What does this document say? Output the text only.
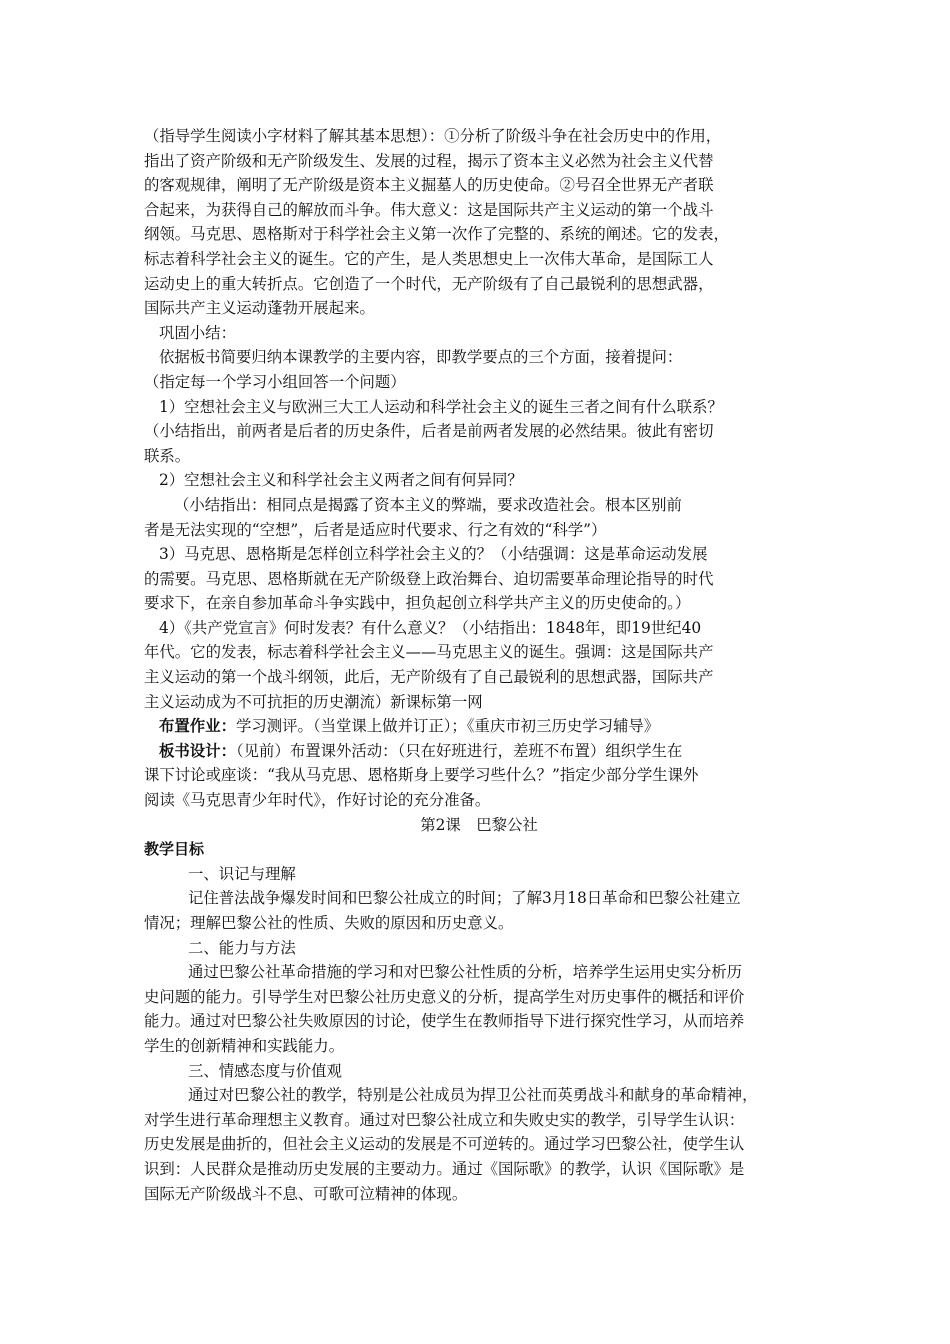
（指导学生阅读小字材料了解其基本思想）：①分析了阶级斗争在社会历史中的作用，
指出了资产阶级和无产阶级发生、发展的过程，揭示了资本主义必然为社会主义代替
的客观规律，阐明了无产阶级是资本主义掘墓人的历史使命。②号召全世界无产者联
合起来，为获得自己的解放而斗争。伟大意义：这是国际共产主义运动的第一个战斗
纲领。马克思、恩格斯对于科学社会主义第一次作了完整的、系统的阐述。它的发表，
标志着科学社会主义的诞生。它的产生，是人类思想史上一次伟大革命，是国际工人
运动史上的重大转折点。它创造了一个时代，无产阶级有了自己最锐利的思想武器，
国际共产主义运动蓬勃开展起来。
巩固小结：
依据板书简要归纳本课教学的主要内容，即教学要点的三个方面，接着提问：
（指定每一个学习小组回答一个问题）
1）空想社会主义与欧洲三大工人运动和科学社会主义的诞生三者之间有什么联系？
（小结指出，前两者是后者的历史条件，后者是前两者发展的必然结果。彼此有密切
联系。
2）空想社会主义和科学社会主义两者之间有何异同？
（小结指出：相同点是揭露了资本主义的弊端，要求改造社会。根本区别前
者是无法实现的“空想”，后者是适应时代要求、行之有效的“科学”）
3）马克思、恩格斯是怎样创立科学社会主义的？（小结强调：这是革命运动发展
的需要。马克思、恩格斯就在无产阶级登上政治舞台、迫切需要革命理论指导的时代
要求下，在亲自参加革命斗争实践中，担负起创立科学共产主义的历史使命的。）
4）《共产党宣言》何时发表？有什么意义？（小结指出：1848年，即19世纪40
年代。它的发表，标志着科学社会主义——马克思主义的诞生。强调：这是国际共产
主义运动的第一个战斗纲领，此后，无产阶级有了自己最锐利的思想武器，国际共产
主义运动成为不可抗拒的历史潮流）新课标第一网
布置作业：学习测评。（当堂课上做并订正）；《重庆市初三历史学习辅导》
板书设计：（见前）布置课外活动：（只在好班进行，差班不布置）组织学生在
课下讨论或座谈：“我从马克思、恩格斯身上要学习些什么？”指定少部分学生课外
阅读《马克思青少年时代》，作好讨论的充分准备。
第2课　巴黎公社
教学目标
一、识记与理解
记住普法战争爆发时间和巴黎公社成立的时间；了解3月18日革命和巴黎公社建立
情况；理解巴黎公社的性质、失败的原因和历史意义。
二、能力与方法
通过巴黎公社革命措施的学习和对巴黎公社性质的分析，培养学生运用史实分析历
史问题的能力。引导学生对巴黎公社历史意义的分析，提高学生对历史事件的概括和评价
能力。通过对巴黎公社失败原因的讨论，使学生在教师指导下进行探究性学习，从而培养
学生的创新精神和实践能力。
三、情感态度与价值观
通过对巴黎公社的教学，特别是公社成员为捍卫公社而英勇战斗和献身的革命精神，
对学生进行革命理想主义教育。通过对巴黎公社成立和失败史实的教学，引导学生认识：
历史发展是曲折的，但社会主义运动的发展是不可逆转的。通过学习巴黎公社，使学生认
识到：人民群众是推动历史发展的主要动力。通过《国际歌》的教学，认识《国际歌》是
国际无产阶级战斗不息、可歌可泣精神的体现。
